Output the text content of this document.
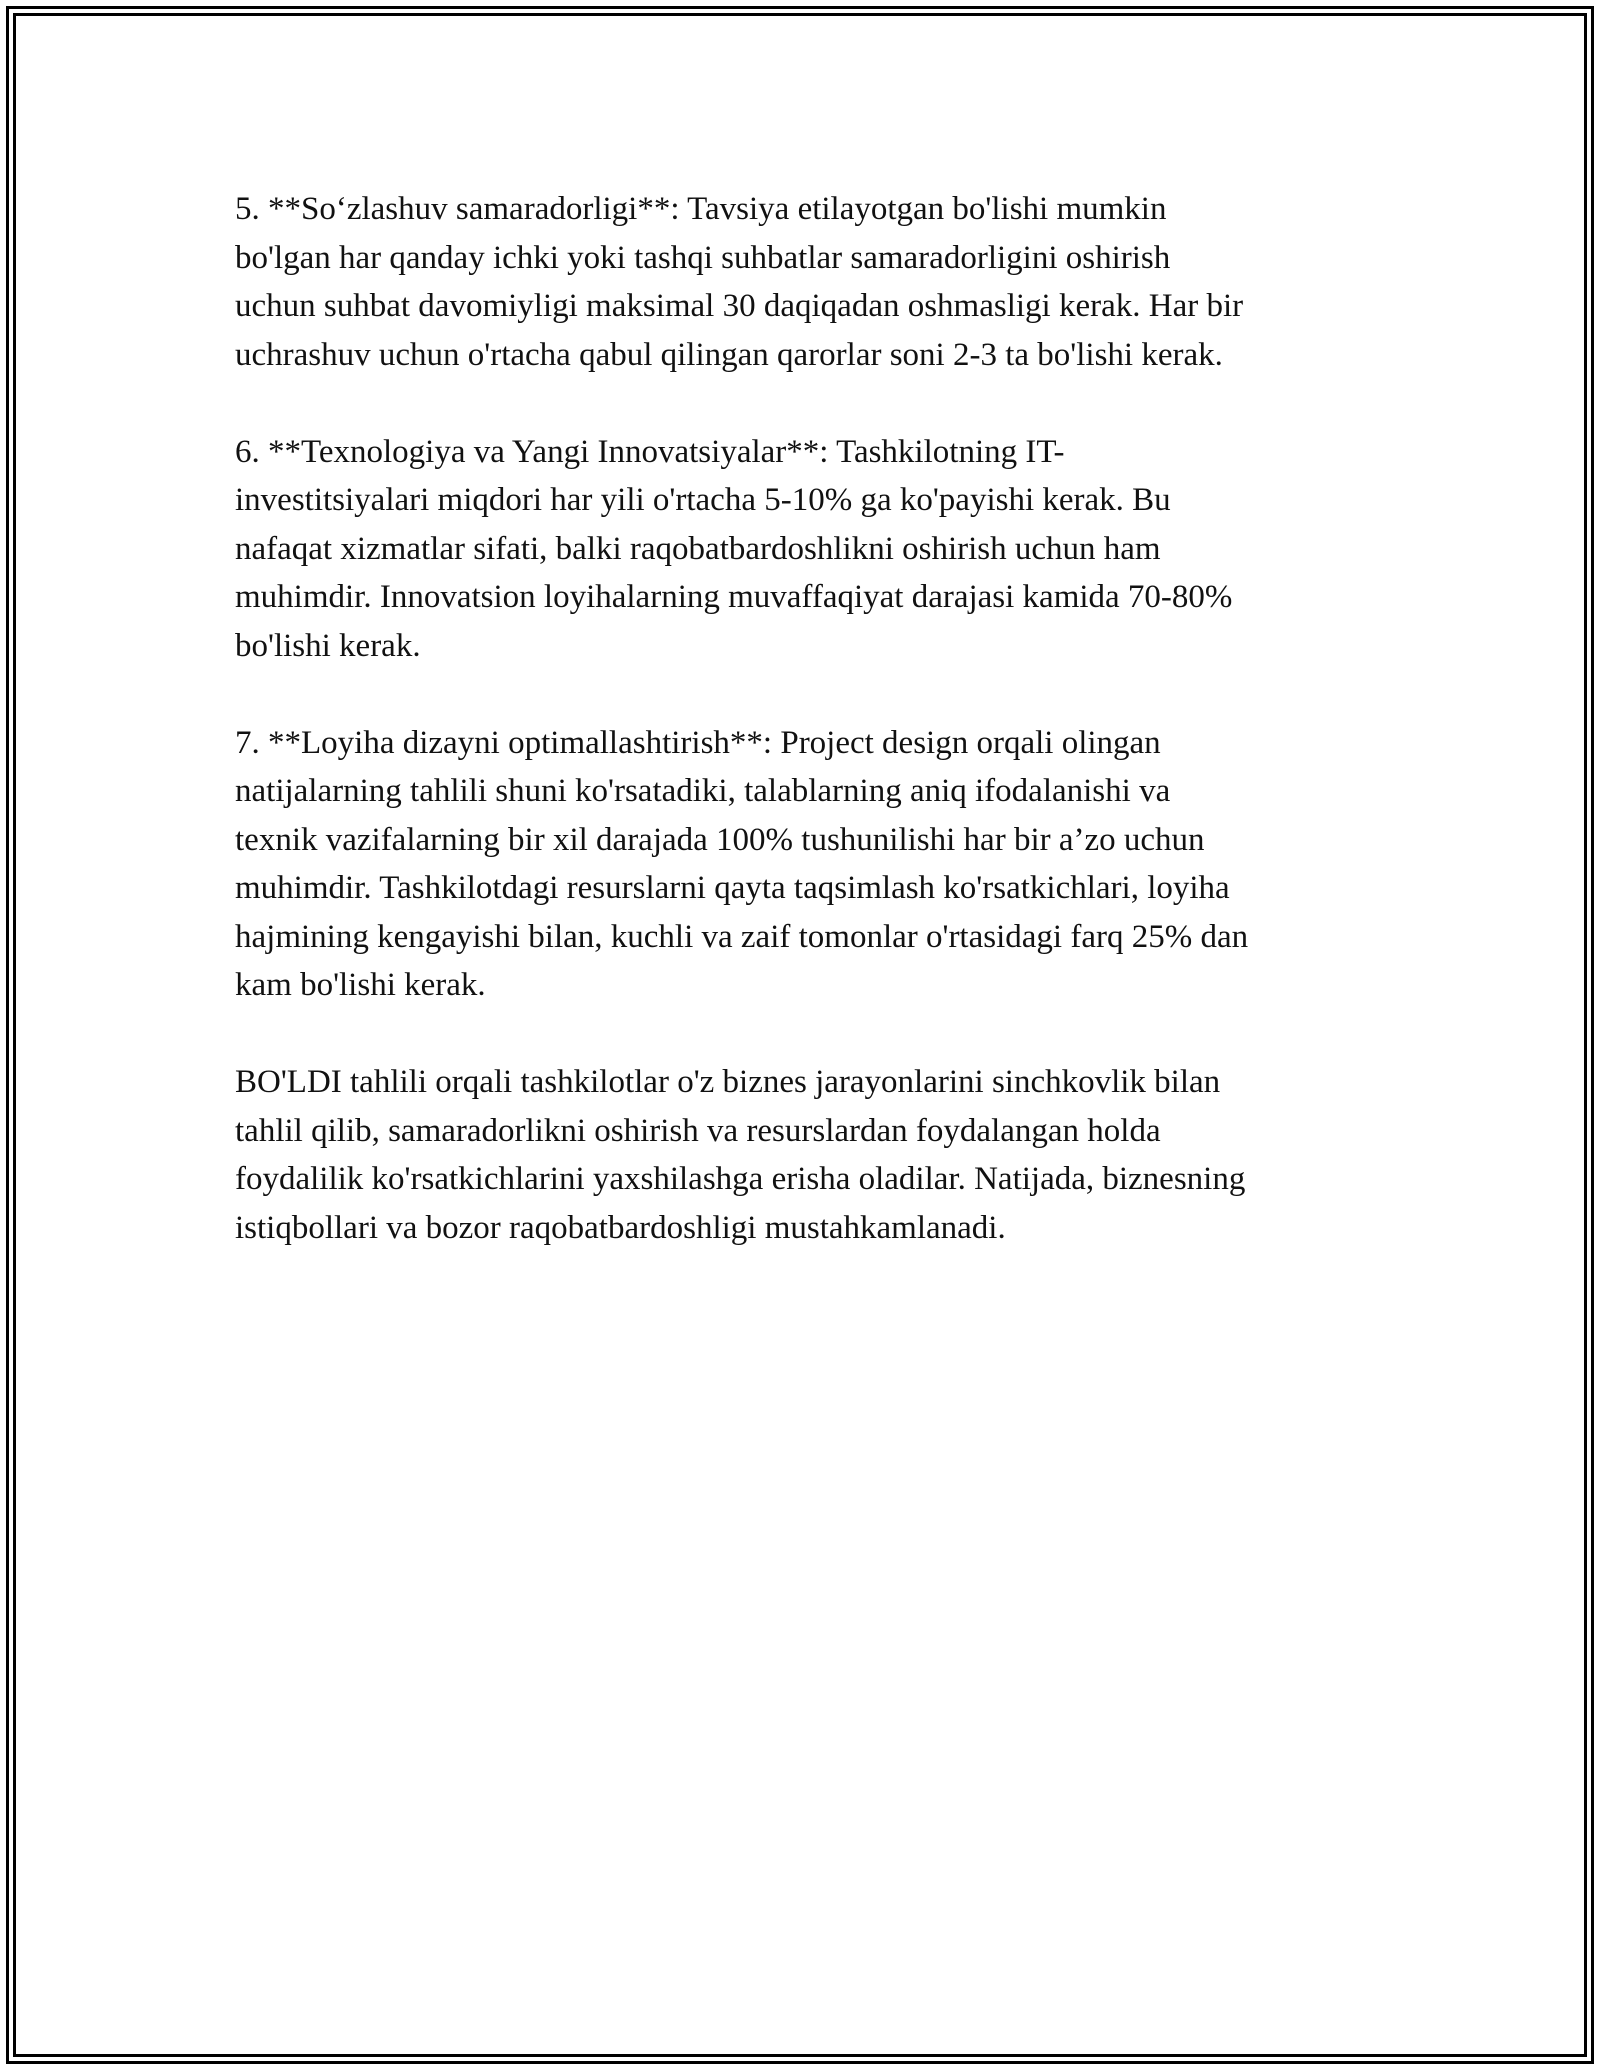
5. **So‘zlashuv samaradorligi**: Tavsiya etilayotgan bo'lishi mumkin
bo'lgan har qanday ichki yoki tashqi suhbatlar samaradorligini oshirish
uchun suhbat davomiyligi maksimal 30 daqiqadan oshmasligi kerak. Har bir
uchrashuv uchun o'rtacha qabul qilingan qarorlar soni 2-3 ta bo'lishi kerak.

6. **Texnologiya va Yangi Innovatsiyalar**: Tashkilotning IT-
investitsiyalari miqdori har yili o'rtacha 5-10% ga ko'payishi kerak. Bu
nafaqat xizmatlar sifati, balki raqobatbardoshlikni oshirish uchun ham
muhimdir. Innovatsion loyihalarning muvaffaqiyat darajasi kamida 70-80%
bo'lishi kerak.

7. **Loyiha dizayni optimallashtirish**: Project design orqali olingan
natijalarning tahlili shuni ko'rsatadiki, talablarning aniq ifodalanishi va
texnik vazifalarning bir xil darajada 100% tushunilishi har bir a’zo uchun
muhimdir. Tashkilotdagi resurslarni qayta taqsimlash ko'rsatkichlari, loyiha
hajmining kengayishi bilan, kuchli va zaif tomonlar o'rtasidagi farq 25% dan
kam bo'lishi kerak.

BO'LDI tahlili orqali tashkilotlar o'z biznes jarayonlarini sinchkovlik bilan
tahlil qilib, samaradorlikni oshirish va resurslardan foydalangan holda
foydalilik ko'rsatkichlarini yaxshilashga erisha oladilar. Natijada, biznesning
istiqbollari va bozor raqobatbardoshligi mustahkamlanadi.
